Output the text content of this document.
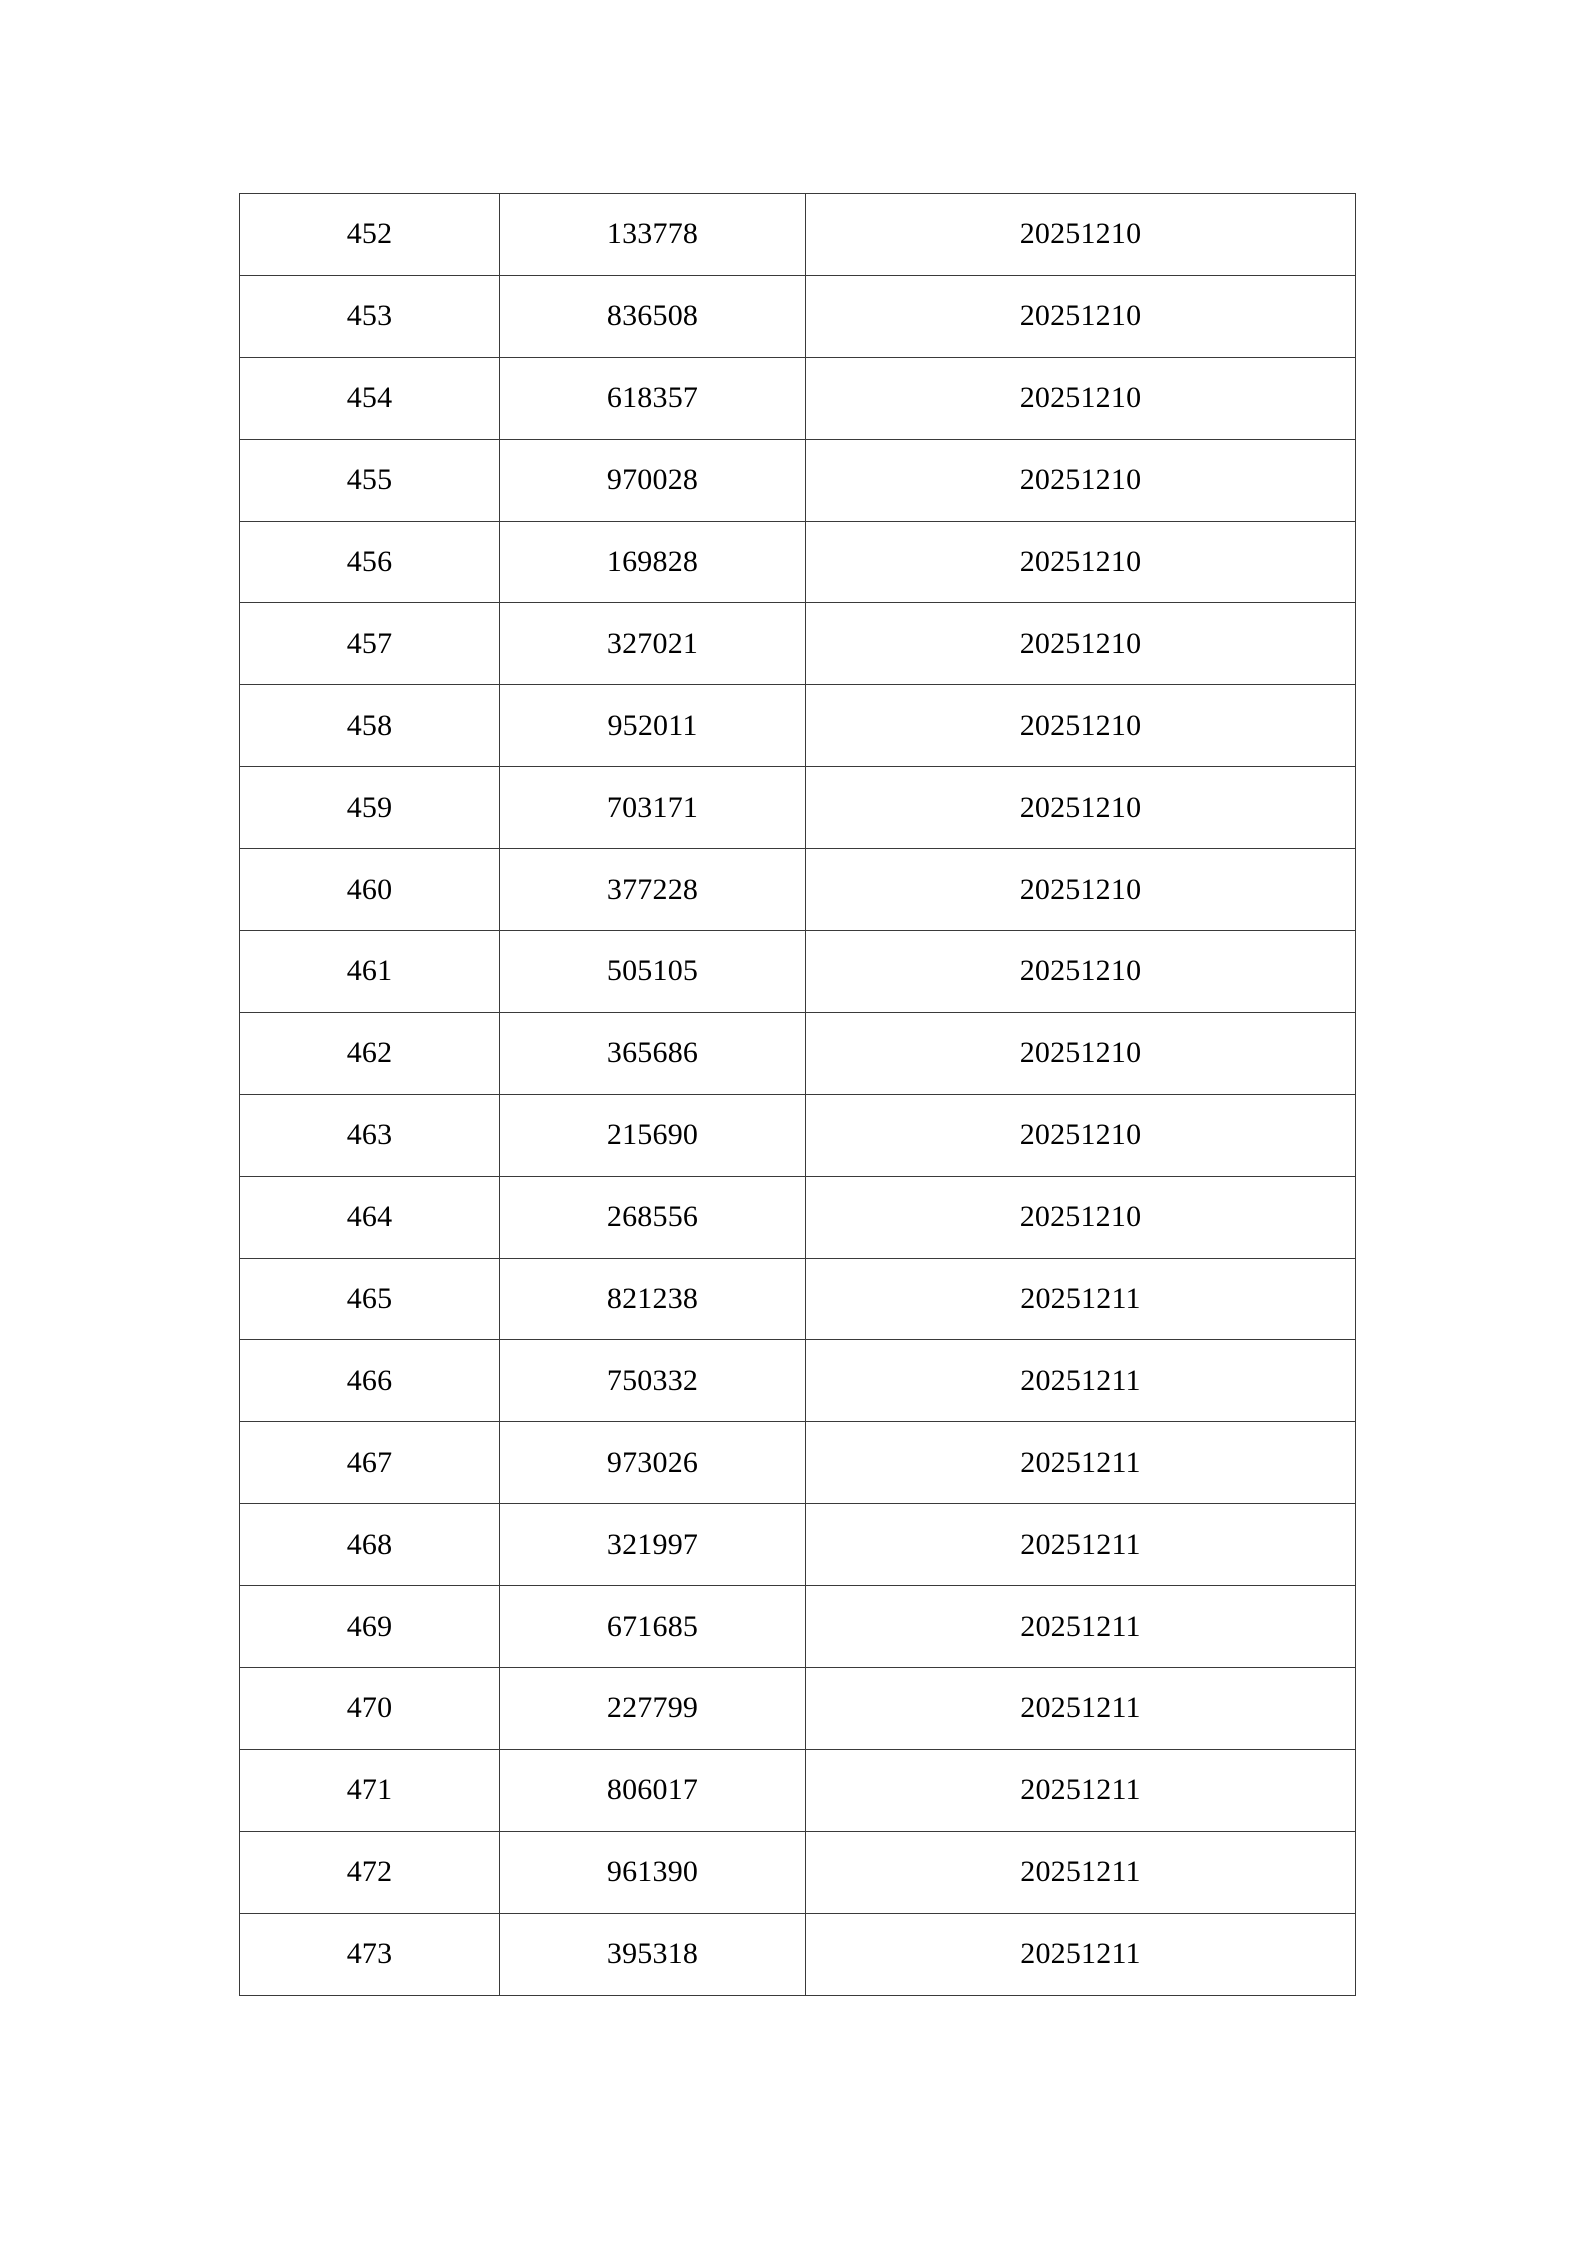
452	133778	20251210
453	836508	20251210
454	618357	20251210
455	970028	20251210
456	169828	20251210
457	327021	20251210
458	952011	20251210
459	703171	20251210
460	377228	20251210
461	505105	20251210
462	365686	20251210
463	215690	20251210
464	268556	20251210
465	821238	20251211
466	750332	20251211
467	973026	20251211
468	321997	20251211
469	671685	20251211
470	227799	20251211
471	806017	20251211
472	961390	20251211
473	395318	20251211
